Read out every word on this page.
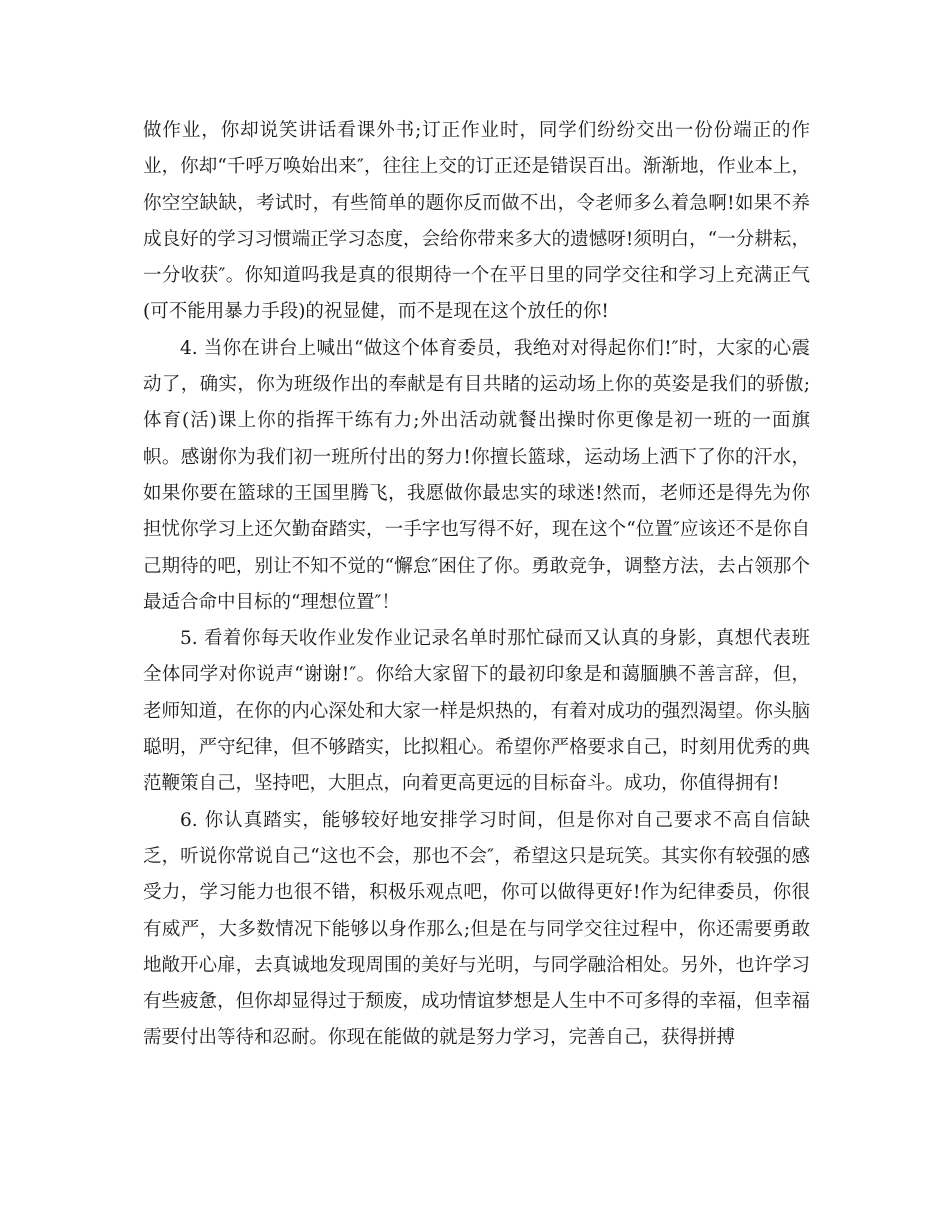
做作业，你却说笑讲话看课外书;订正作业时，同学们纷纷交出一份份端正的作业，你却“千呼万唤始出来″，往往上交的订正还是错误百出。渐渐地，作业本上，你空空缺缺，考试时，有些简单的题你反而做不出，令老师多么着急啊!如果不养成良好的学习习惯端正学习态度，会给你带来多大的遗憾呀!须明白，“一分耕耘，一分收获″。你知道吗我是真的很期待一个在平日里的同学交往和学习上充满正气(可不能用暴力手段)的祝显健，而不是现在这个放任的你!

4. 当你在讲台上喊出“做这个体育委员，我绝对对得起你们!″时，大家的心震动了，确实，你为班级作出的奉献是有目共睹的运动场上你的英姿是我们的骄傲;体育(活)课上你的指挥干练有力;外出活动就餐出操时你更像是初一班的一面旗帜。感谢你为我们初一班所付出的努力!你擅长篮球，运动场上洒下了你的汗水，如果你要在篮球的王国里腾飞，我愿做你最忠实的球迷!然而，老师还是得先为你担忧你学习上还欠勤奋踏实，一手字也写得不好，现在这个“位置″应该还不是你自己期待的吧，别让不知不觉的“懈怠″困住了你。勇敢竞争，调整方法，去占领那个最适合命中目标的“理想位置″！

5. 看着你每天收作业发作业记录名单时那忙碌而又认真的身影，真想代表班全体同学对你说声“谢谢!″。你给大家留下的最初印象是和蔼腼腆不善言辞，但，老师知道，在你的内心深处和大家一样是炽热的，有着对成功的强烈渴望。你头脑聪明，严守纪律，但不够踏实，比拟粗心。希望你严格要求自己，时刻用优秀的典范鞭策自己，坚持吧，大胆点，向着更高更远的目标奋斗。成功，你值得拥有!

6. 你认真踏实，能够较好地安排学习时间，但是你对自己要求不高自信缺乏，听说你常说自己“这也不会，那也不会″，希望这只是玩笑。其实你有较强的感受力，学习能力也很不错，积极乐观点吧，你可以做得更好!作为纪律委员，你很有威严，大多数情况下能够以身作那么;但是在与同学交往过程中，你还需要勇敢地敞开心扉，去真诚地发现周围的美好与光明，与同学融洽相处。另外，也许学习有些疲惫，但你却显得过于颓废，成功情谊梦想是人生中不可多得的幸福，但幸福需要付出等待和忍耐。你现在能做的就是努力学习，完善自己，获得拼搏
